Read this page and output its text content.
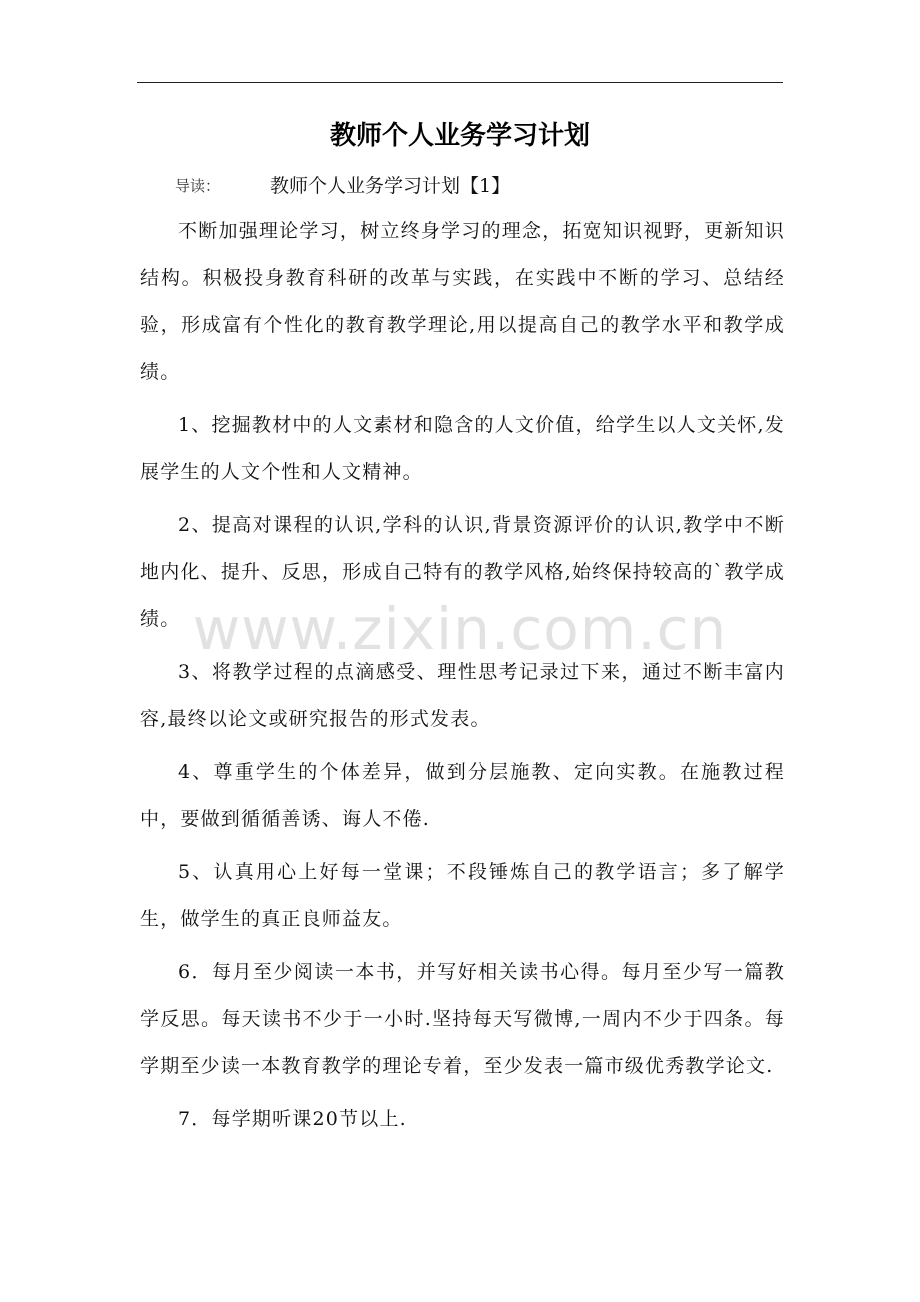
教师个人业务学习计划
导读：	教师个人业务学习计划【1】

不断加强理论学习，树立终身学习的理念，拓宽知识视野，更新知识结构。积极投身教育科研的改革与实践，在实践中不断的学习、总结经验，形成富有个性化的教育教学理论,用以提高自己的教学水平和教学成绩。

1、挖掘教材中的人文素材和隐含的人文价值，给学生以人文关怀,发展学生的人文个性和人文精神。

2、提高对课程的认识,学科的认识,背景资源评价的认识,教学中不断地内化、提升、反思，形成自己特有的教学风格,始终保持较高的`教学成绩。

3、将教学过程的点滴感受、理性思考记录过下来，通过不断丰富内容,最终以论文或研究报告的形式发表。

4、尊重学生的个体差异，做到分层施教、定向实教。在施教过程中，要做到循循善诱、诲人不倦.

5、认真用心上好每一堂课；不段锤炼自己的教学语言；多了解学生，做学生的真正良师益友。

6．每月至少阅读一本书，并写好相关读书心得。每月至少写一篇教学反思。每天读书不少于一小时.坚持每天写微博,一周内不少于四条。每学期至少读一本教育教学的理论专着，至少发表一篇市级优秀教学论文.

7．每学期听课20节以上.

www.zixin.com.cn
